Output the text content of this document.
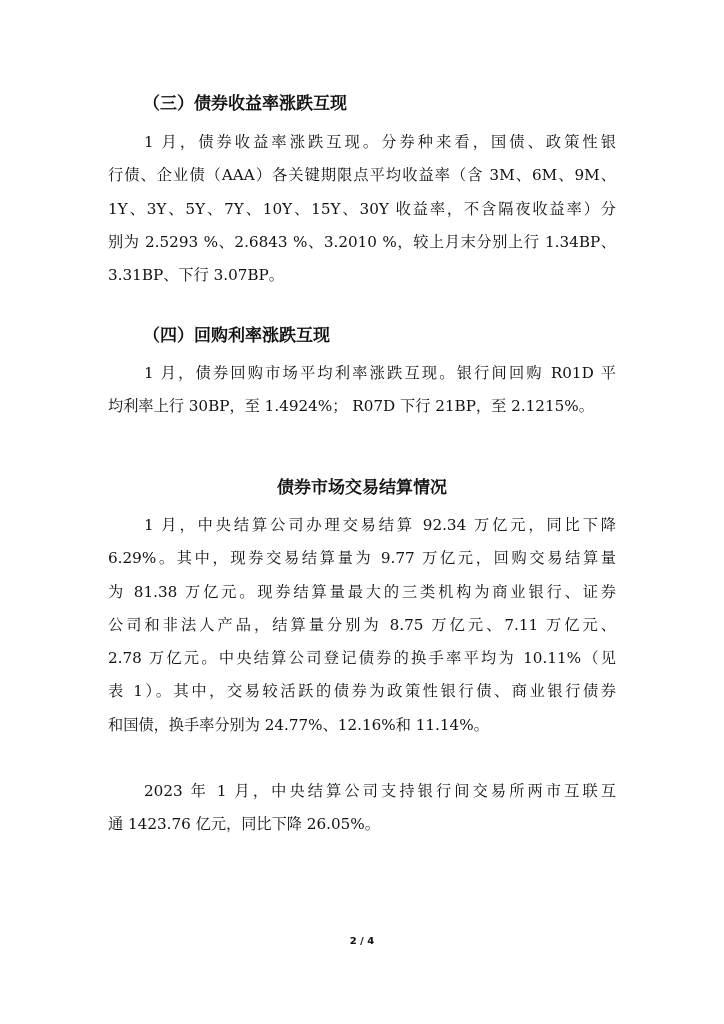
（三）债券收益率涨跌互现
1 月，债券收益率涨跌互现。分券种来看，国债、政策性银
行债、企业债（AAA）各关键期限点平均收益率（含 3M、6M、9M、
1Y、3Y、5Y、7Y、10Y、15Y、30Y 收益率，不含隔夜收益率）分
别为 2.5293 %、2.6843 %、3.2010 %，较上月末分别上行 1.34BP、
3.31BP、下行 3.07BP。
（四）回购利率涨跌互现
1 月，债券回购市场平均利率涨跌互现。银行间回购 R01D 平
均利率上行 30BP，至 1.4924%； R07D 下行 21BP，至 2.1215%。
债券市场交易结算情况
1 月，中央结算公司办理交易结算 92.34 万亿元，同比下降
6.29%。其中，现券交易结算量为 9.77 万亿元，回购交易结算量
为 81.38 万亿元。现券结算量最大的三类机构为商业银行、证券
公司和非法人产品，结算量分别为 8.75 万亿元、7.11 万亿元、
2.78 万亿元。中央结算公司登记债券的换手率平均为 10.11%（见
表 1）。其中，交易较活跃的债券为政策性银行债、商业银行债券
和国债，换手率分别为 24.77%、12.16%和 11.14%。
2023 年 1 月，中央结算公司支持银行间交易所两市互联互
通 1423.76 亿元，同比下降 26.05%。
2 / 4
